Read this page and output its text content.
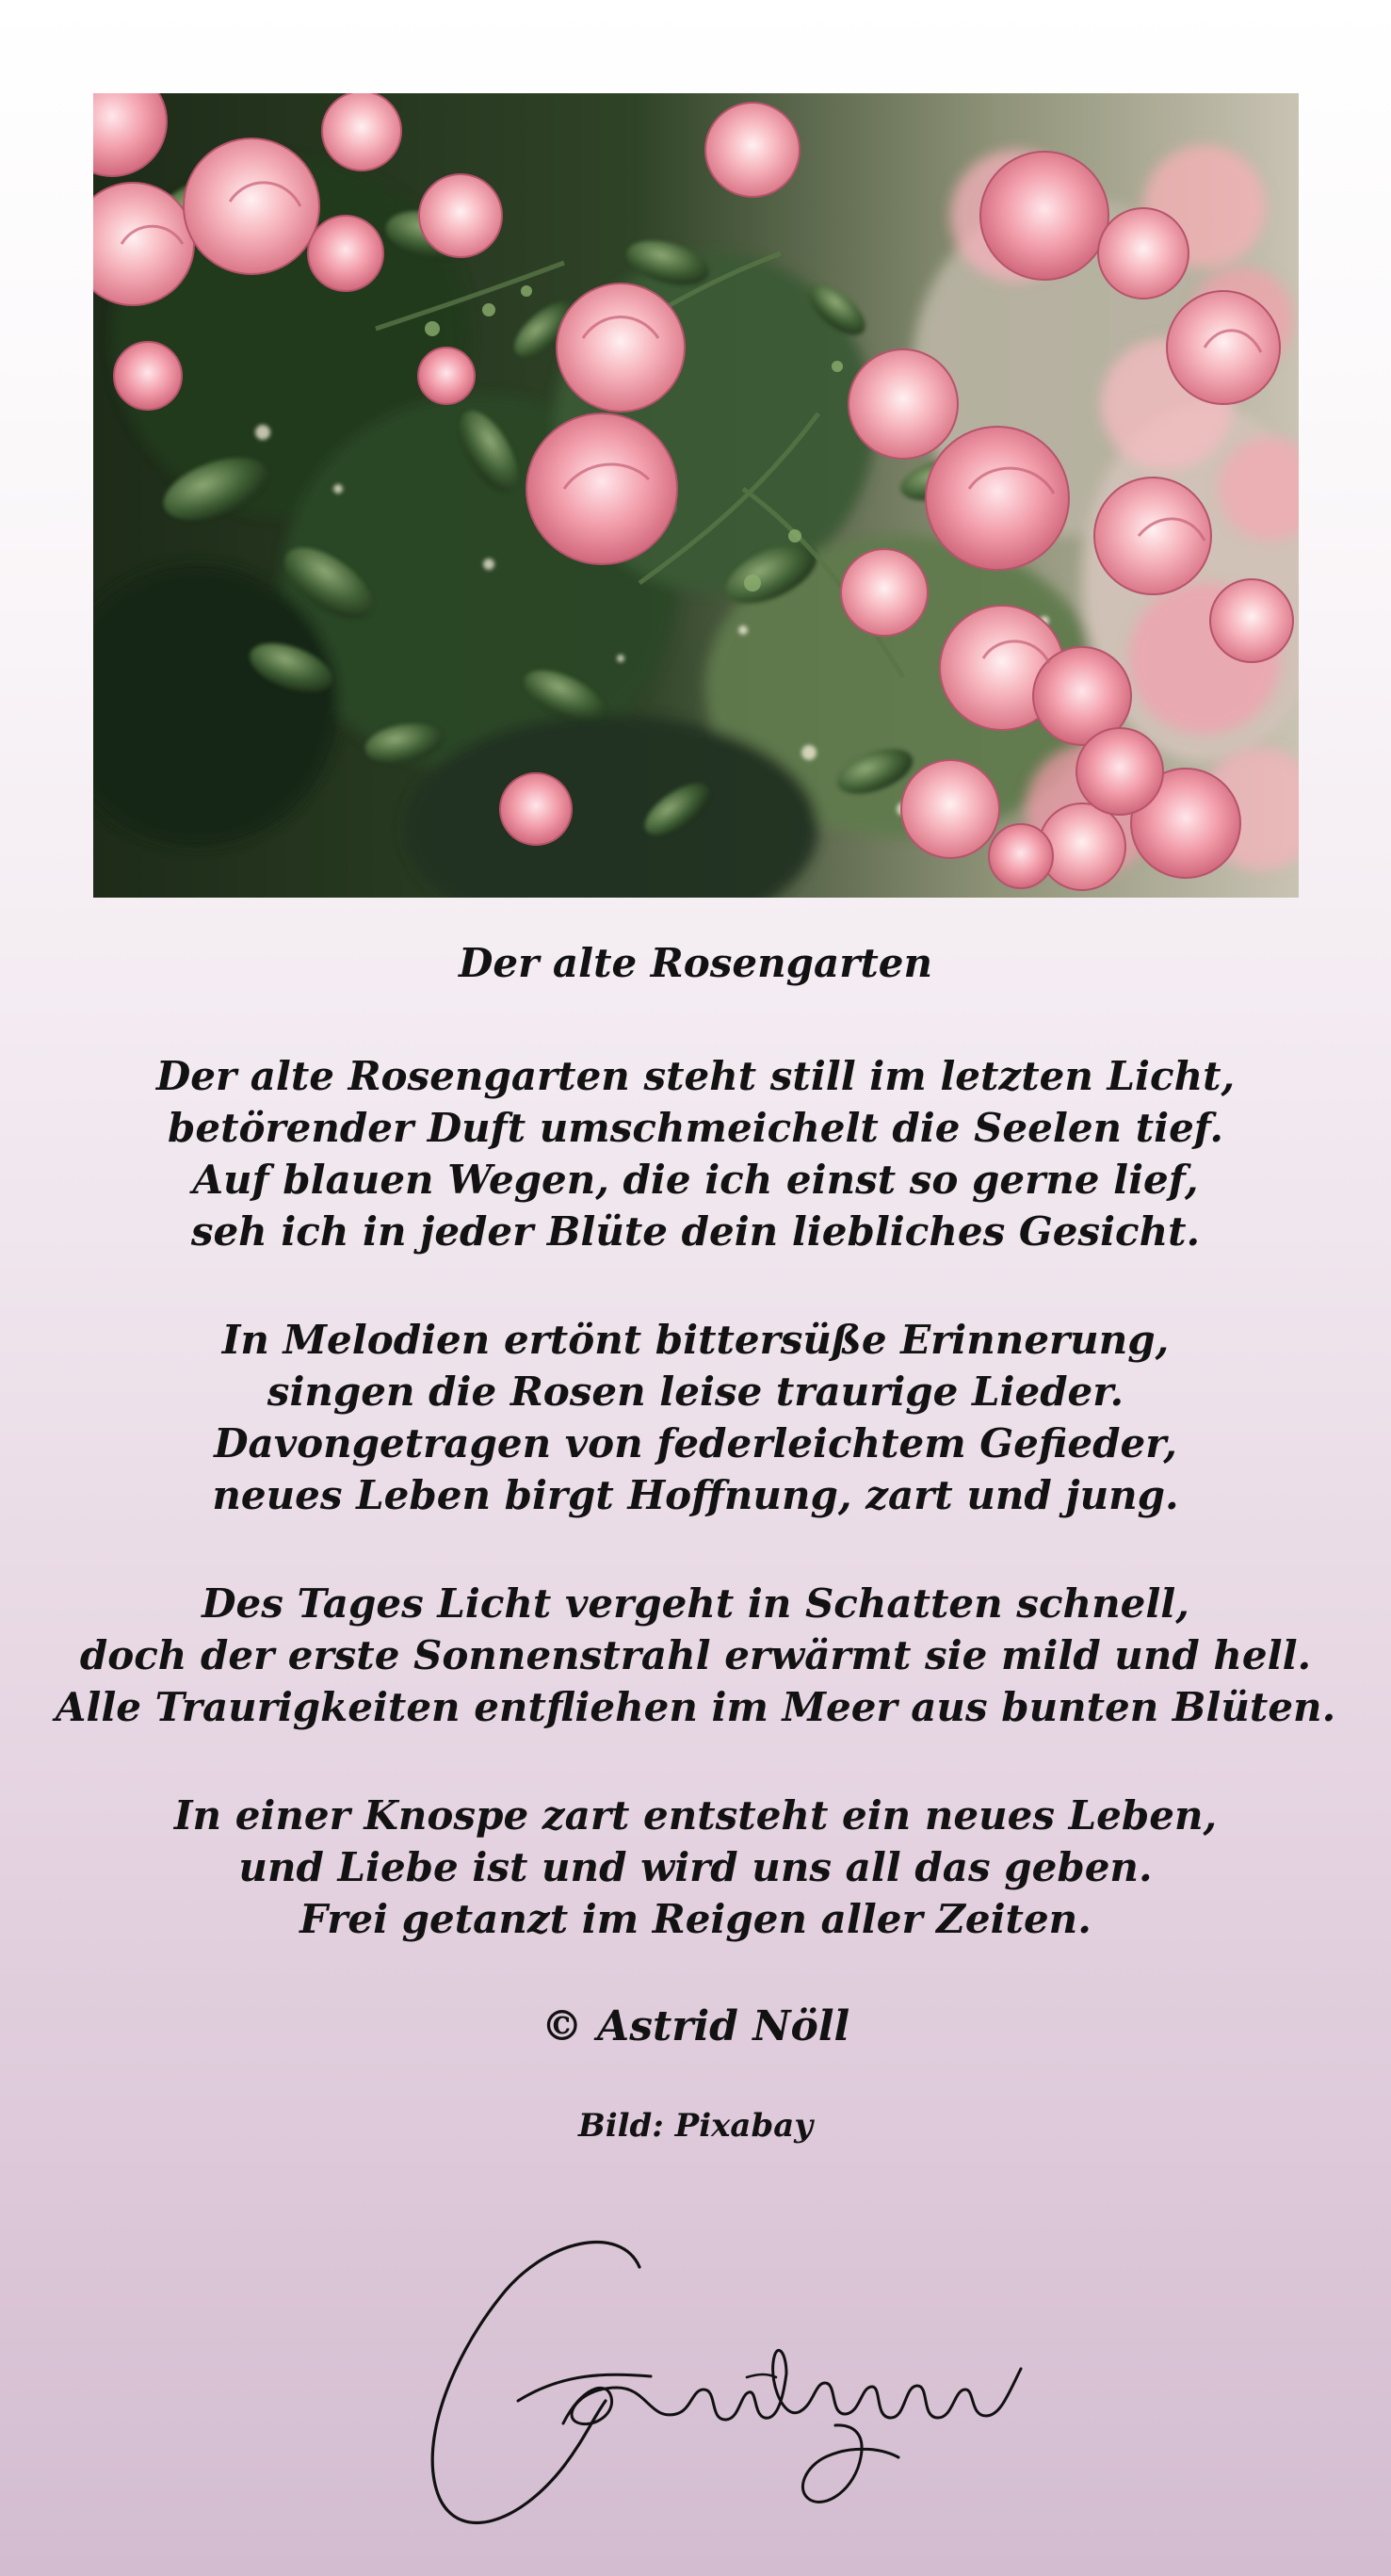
Der alte Rosengarten
Der alte Rosengarten steht still im letzten Licht,
betörender Duft umschmeichelt die Seelen tief.
Auf blauen Wegen, die ich einst so gerne lief,
seh ich in jeder Blüte dein liebliches Gesicht.
In Melodien ertönt bittersüße Erinnerung,
singen die Rosen leise traurige Lieder.
Davongetragen von federleichtem Gefieder,
neues Leben birgt Hoffnung, zart und jung.
Des Tages Licht vergeht in Schatten schnell,
doch der erste Sonnenstrahl erwärmt sie mild und hell.
Alle Traurigkeiten entfliehen im Meer aus bunten Blüten.
In einer Knospe zart entsteht ein neues Leben,
und Liebe ist und wird uns all das geben.
Frei getanzt im Reigen aller Zeiten.
© Astrid Nöll
Bild: Pixabay
